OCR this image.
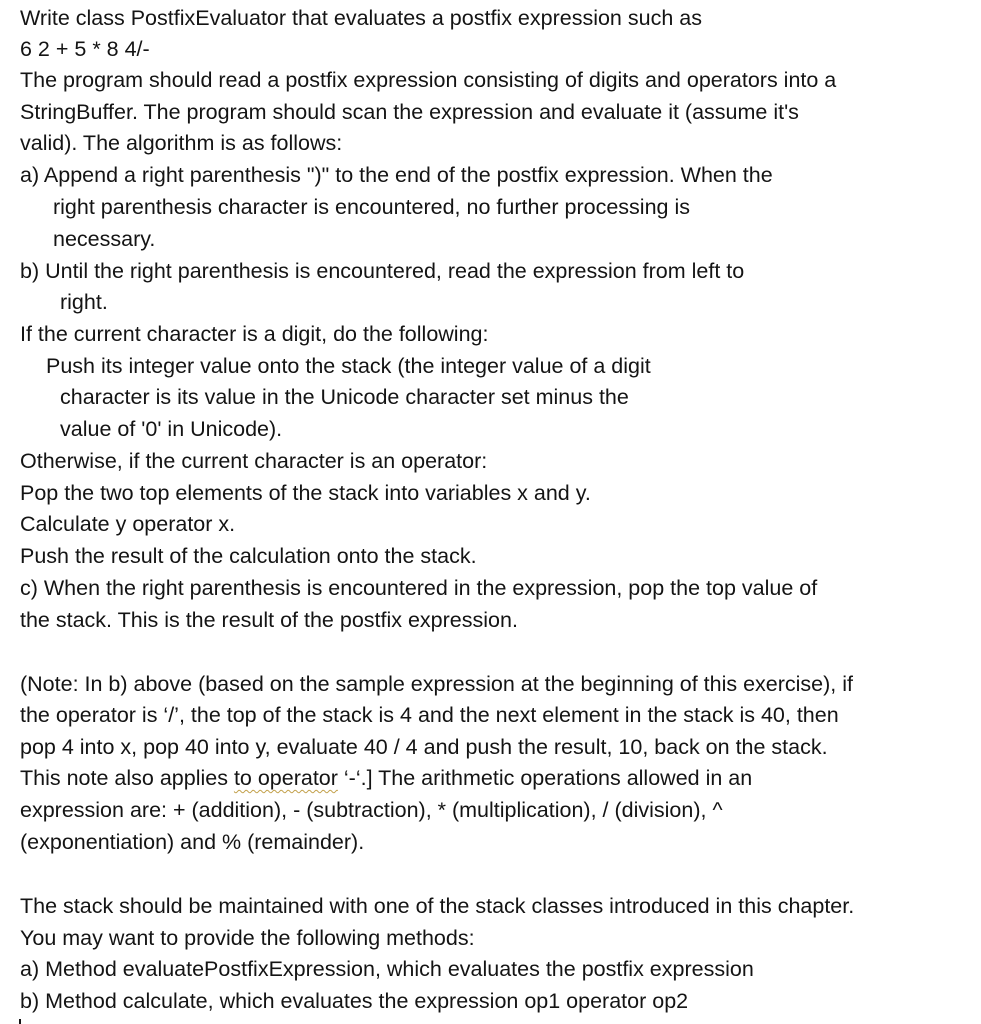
Write class PostfixEvaluator that evaluates a postfix expression such as
6 2 + 5 * 8 4/-
The program should read a postfix expression consisting of digits and operators into a
StringBuffer. The program should scan the expression and evaluate it (assume it's
valid). The algorithm is as follows:
a) Append a right parenthesis ")" to the end of the postfix expression. When the
right parenthesis character is encountered, no further processing is
necessary.
b) Until the right parenthesis is encountered, read the expression from left to
right.
If the current character is a digit, do the following:
Push its integer value onto the stack (the integer value of a digit
character is its value in the Unicode character set minus the
value of '0' in Unicode).
Otherwise, if the current character is an operator:
Pop the two top elements of the stack into variables x and y.
Calculate y operator x.
Push the result of the calculation onto the stack.
c) When the right parenthesis is encountered in the expression, pop the top value of
the stack. This is the result of the postfix expression.
(Note: In b) above (based on the sample expression at the beginning of this exercise), if
the operator is ‘/’, the top of the stack is 4 and the next element in the stack is 40, then
pop 4 into x, pop 40 into y, evaluate 40 / 4 and push the result, 10, back on the stack.
This note also applies to operator ‘-‘.] The arithmetic operations allowed in an
expression are: + (addition), - (subtraction), * (multiplication), / (division), ^
(exponentiation) and % (remainder).
The stack should be maintained with one of the stack classes introduced in this chapter.
You may want to provide the following methods:
a) Method evaluatePostfixExpression, which evaluates the postfix expression
b) Method calculate, which evaluates the expression op1 operator op2
